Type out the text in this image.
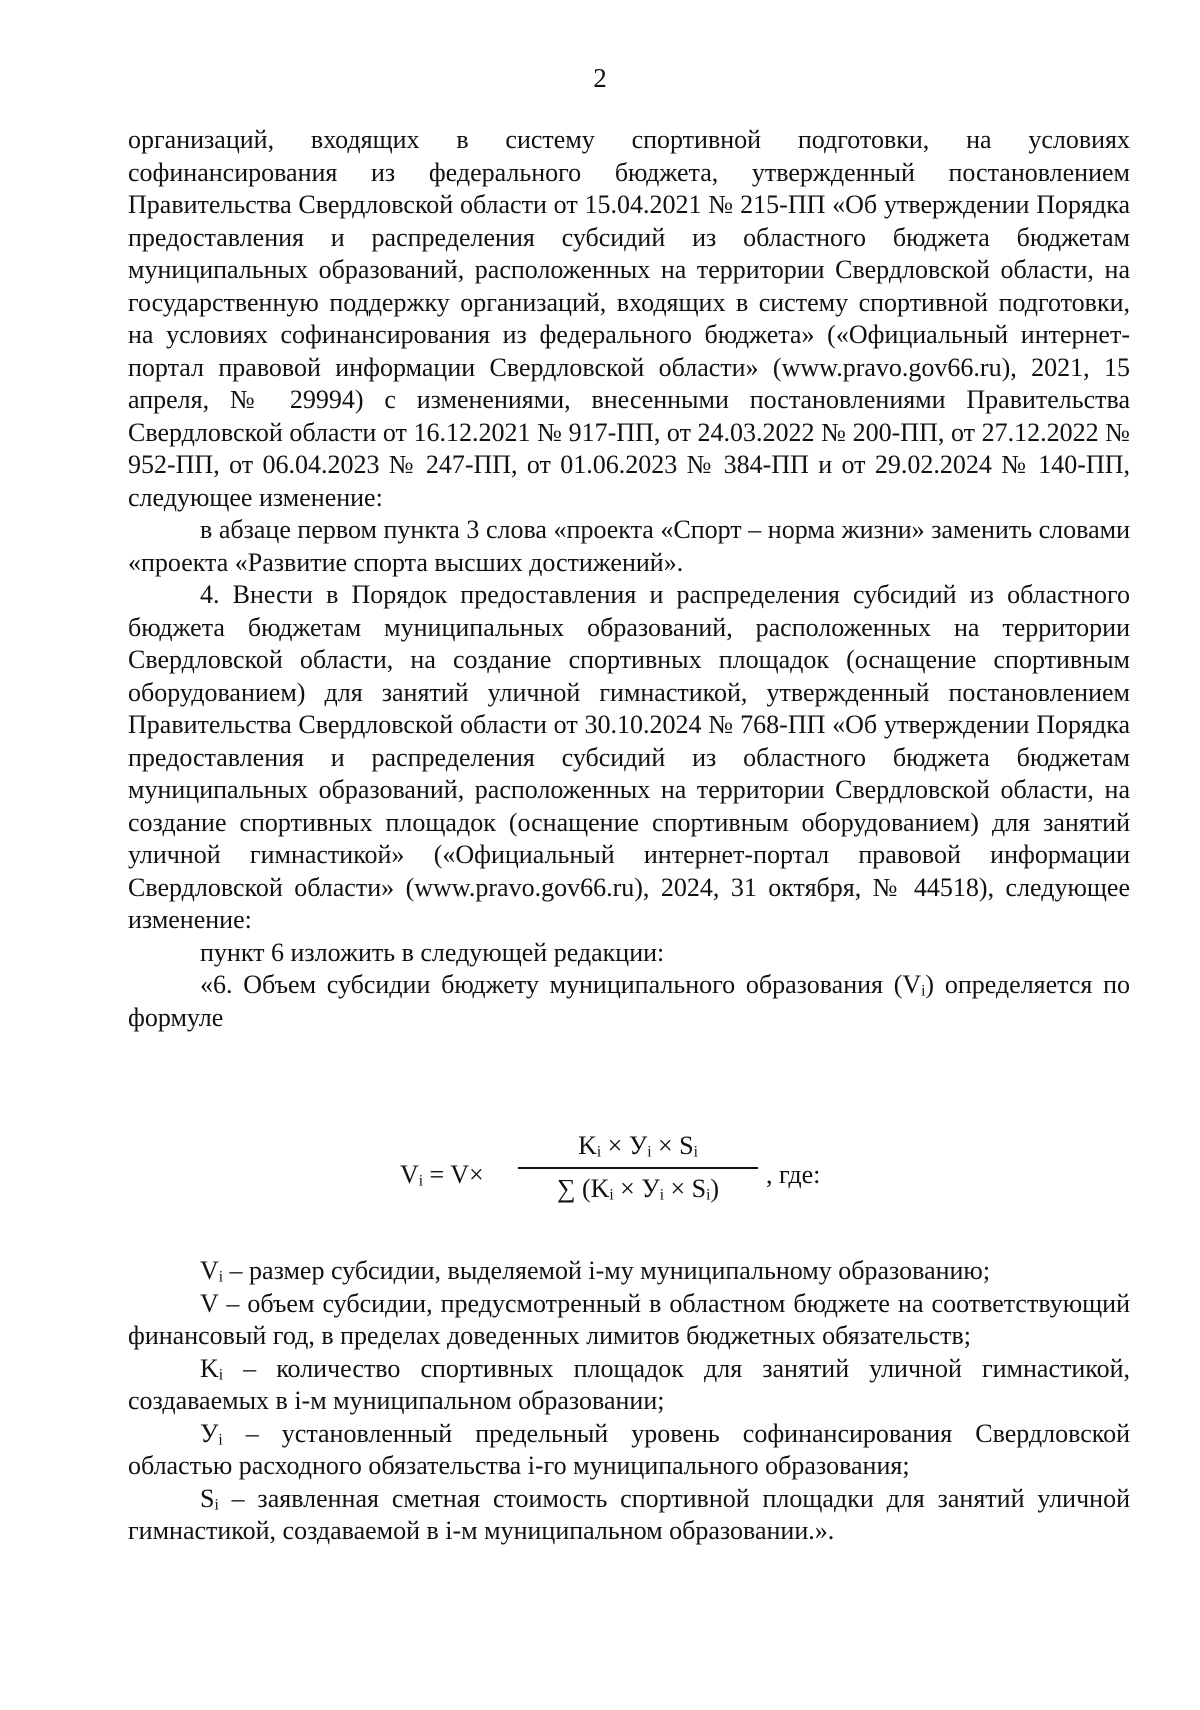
2

организаций, входящих в систему спортивной подготовки, на условиях софинансирования из федерального бюджета, утвержденный постановлением Правительства Свердловской области от 15.04.2021 № 215-ПП «Об утверждении Порядка предоставления и распределения субсидий из областного бюджета бюджетам муниципальных образований, расположенных на территории Свердловской области, на государственную поддержку организаций, входящих в систему спортивной подготовки, на условиях софинансирования из федерального бюджета» («Официальный интернет-портал правовой информации Свердловской области» (www.pravo.gov66.ru), 2021, 15 апреля, № 29994) с изменениями, внесенными постановлениями Правительства Свердловской области от 16.12.2021 № 917-ПП, от 24.03.2022 № 200-ПП, от 27.12.2022 № 952-ПП, от 06.04.2023 № 247-ПП, от 01.06.2023 № 384-ПП и от 29.02.2024 № 140-ПП, следующее изменение:

в абзаце первом пункта 3 слова «проекта «Спорт – норма жизни» заменить словами «проекта «Развитие спорта высших достижений».

4. Внести в Порядок предоставления и распределения субсидий из областного бюджета бюджетам муниципальных образований, расположенных на территории Свердловской области, на создание спортивных площадок (оснащение спортивным оборудованием) для занятий уличной гимнастикой, утвержденный постановлением Правительства Свердловской области от 30.10.2024 № 768-ПП «Об утверждении Порядка предоставления и распределения субсидий из областного бюджета бюджетам муниципальных образований, расположенных на территории Свердловской области, на создание спортивных площадок (оснащение спортивным оборудованием) для занятий уличной гимнастикой» («Официальный интернет-портал правовой информации Свердловской области» (www.pravo.gov66.ru), 2024, 31 октября, № 44518), следующее изменение:

пункт 6 изложить в следующей редакции:

«6. Объем субсидии бюджету муниципального образования (Vᵢ) определяется по формуле

Vᵢ = V×
Kᵢ × Уᵢ × Sᵢ
∑ (Kᵢ × Уᵢ × Sᵢ)	, где:

Vᵢ – размер субсидии, выделяемой i-му муниципальному образованию;

V – объем субсидии, предусмотренный в областном бюджете на соответствующий финансовый год, в пределах доведенных лимитов бюджетных обязательств;

Kᵢ – количество спортивных площадок для занятий уличной гимнастикой, создаваемых в i-м муниципальном образовании;

Уᵢ – установленный предельный уровень софинансирования Свердловской областью расходного обязательства i-го муниципального образования;

Sᵢ – заявленная сметная стоимость спортивной площадки для занятий уличной гимнастикой, создаваемой в i-м муниципальном образовании.».
